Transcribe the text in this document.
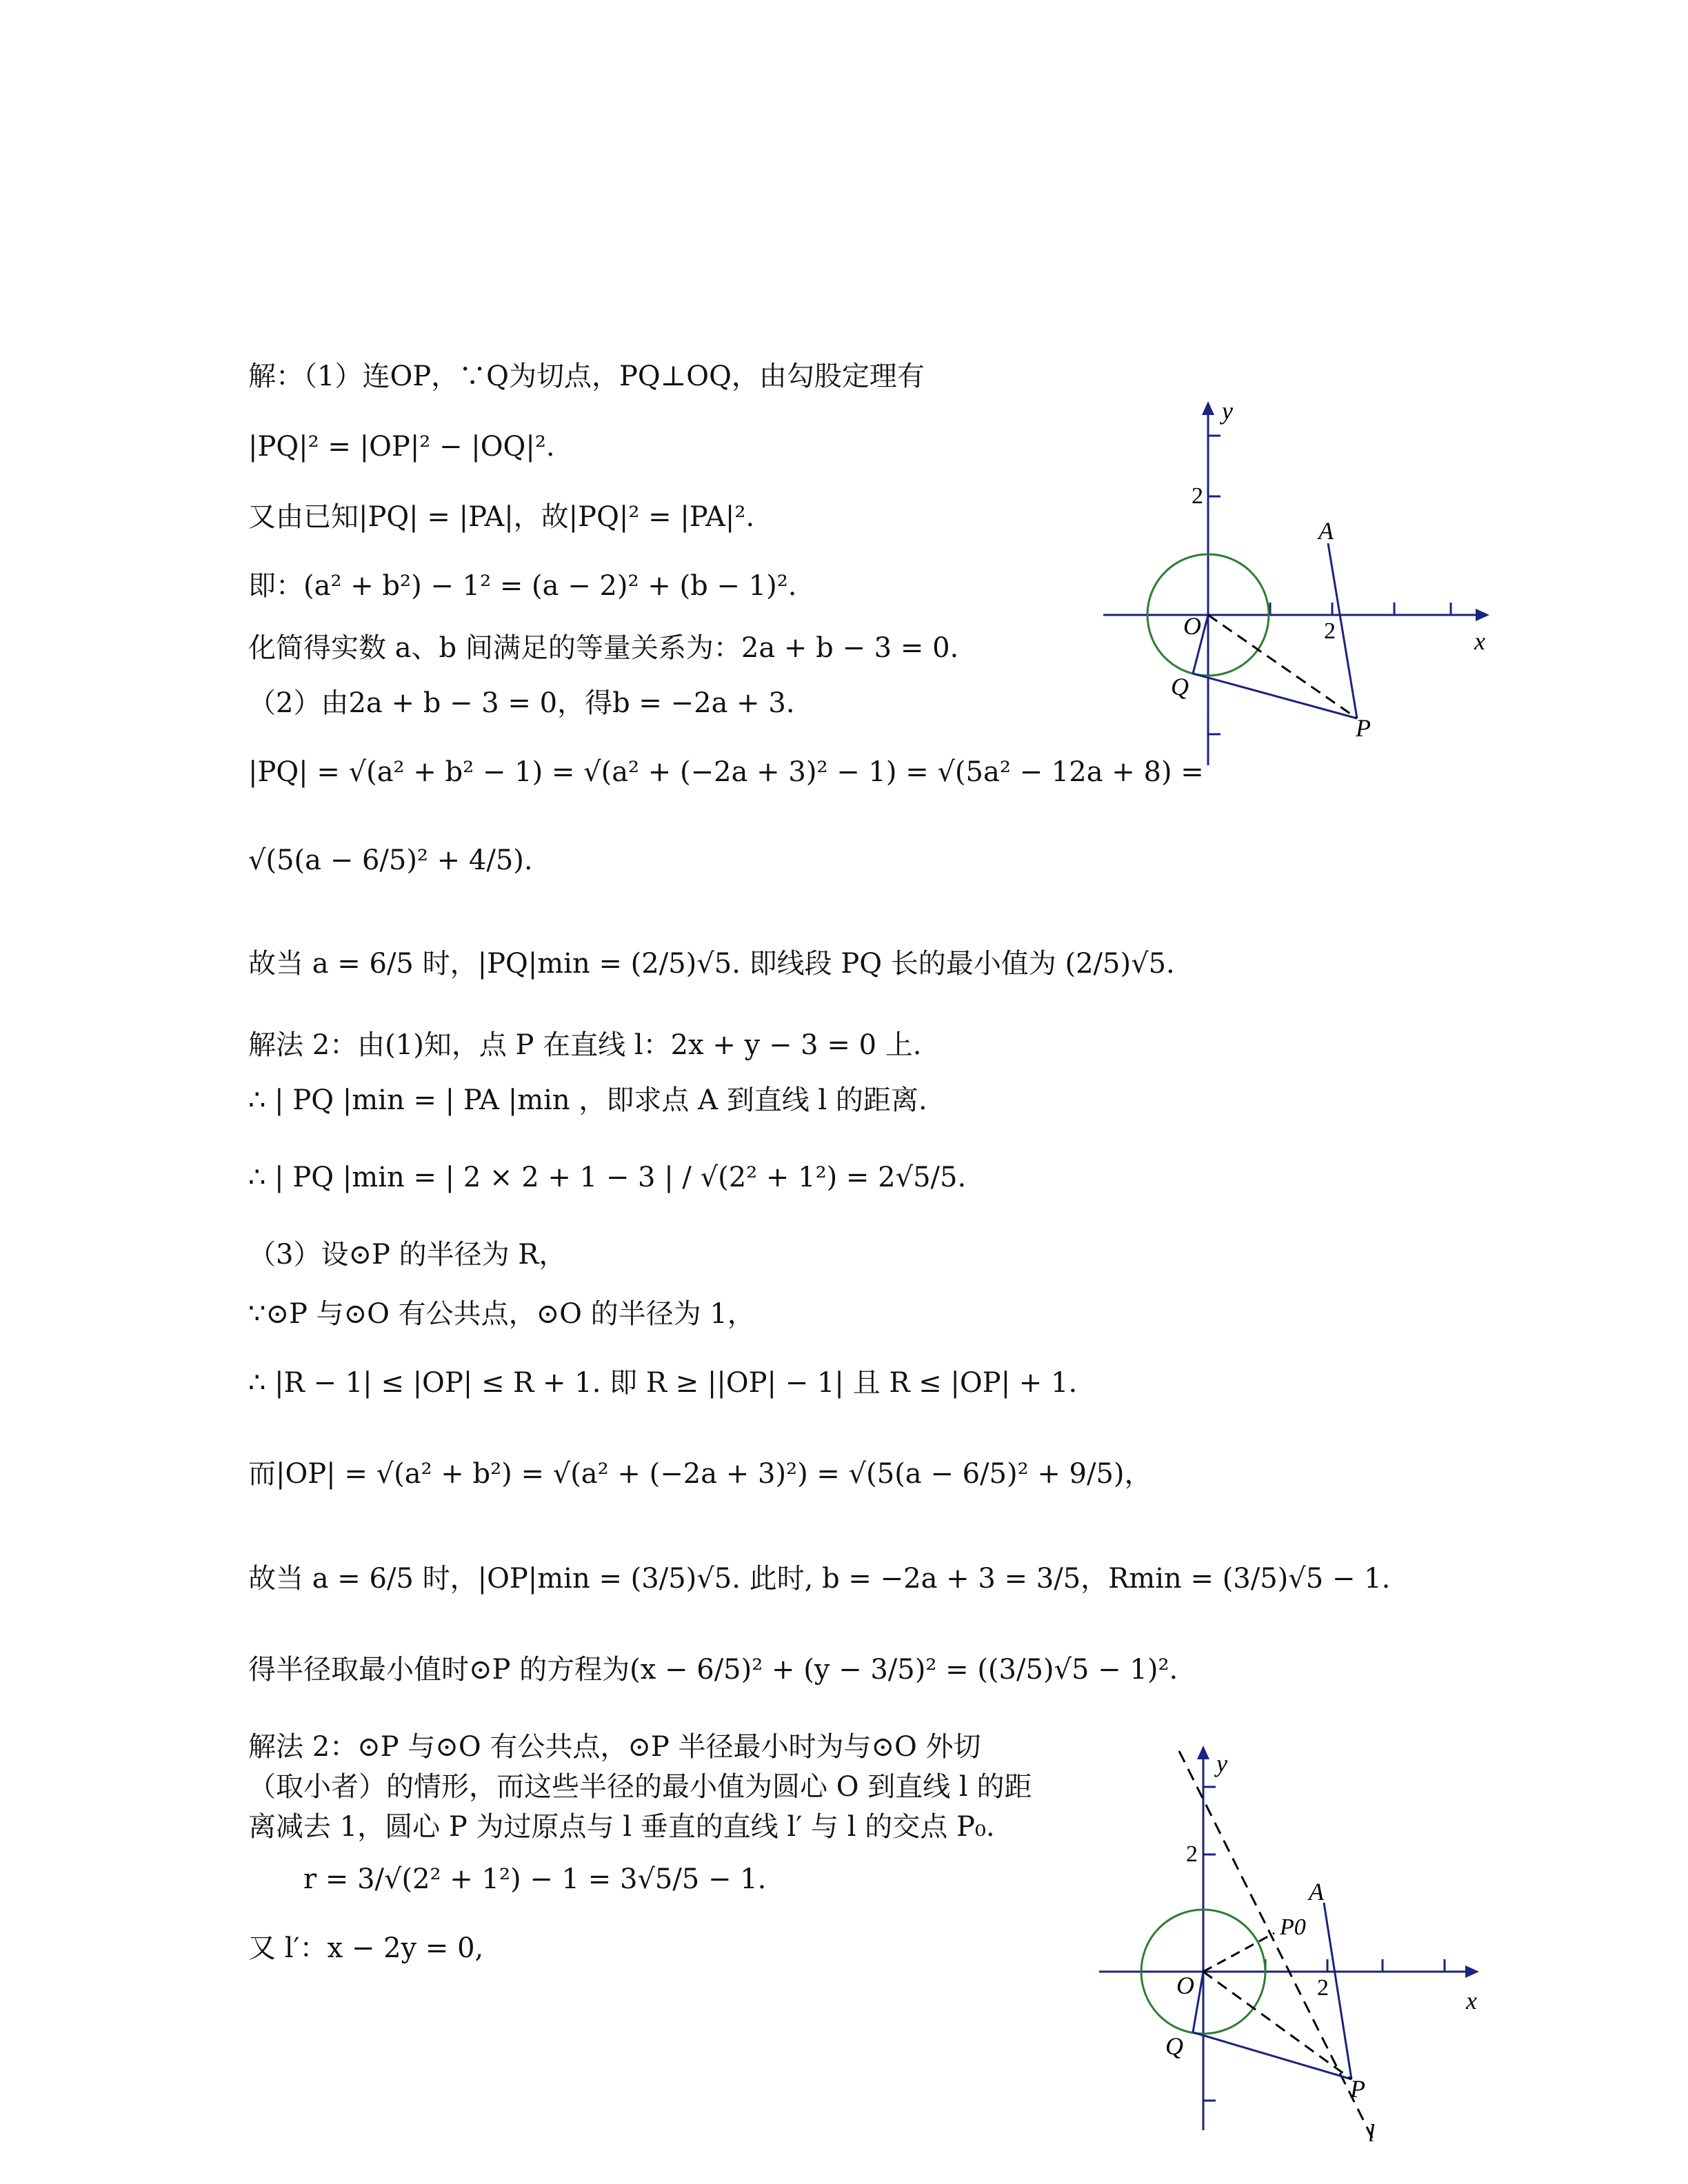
解：（1）连OP，∵Q为切点，PQ⊥OQ，由勾股定理有
|PQ|² = |OP|² − |OQ|².
又由已知|PQ| = |PA|，故|PQ|² = |PA|².
即：(a² + b²) − 1² = (a − 2)² + (b − 1)².
化简得实数 a、b 间满足的等量关系为：2a + b − 3 = 0.
（2）由2a + b − 3 = 0，得b = −2a + 3.
|PQ| = √(a² + b² − 1) = √(a² + (−2a + 3)² − 1) = √(5a² − 12a + 8) =
√(5(a − 6/5)² + 4/5).
故当 a = 6/5 时，|PQ|min = (2/5)√5. 即线段 PQ 长的最小值为 (2/5)√5.
解法 2：由(1)知，点 P 在直线 l：2x + y − 3 = 0 上.
∴ | PQ |min = | PA |min ，即求点 A 到直线 l 的距离.
∴ | PQ |min = | 2 × 2 + 1 − 3 | / √(2² + 1²) = 2√5/5.
（3）设⊙P 的半径为 R，
∵⊙P 与⊙O 有公共点，⊙O 的半径为 1，
∴ |R − 1| ≤ |OP| ≤ R + 1. 即 R ≥ ||OP| − 1| 且 R ≤ |OP| + 1.
而|OP| = √(a² + b²) = √(a² + (−2a + 3)²) = √(5(a − 6/5)² + 9/5)，
故当 a = 6/5 时，|OP|min = (3/5)√5. 此时, b = −2a + 3 = 3/5，Rmin = (3/5)√5 − 1.
得半径取最小值时⊙P 的方程为(x − 6/5)² + (y − 3/5)² = ((3/5)√5 − 1)².
解法 2：⊙P 与⊙O 有公共点，⊙P 半径最小时为与⊙O 外切
（取小者）的情形，而这些半径的最小值为圆心 O 到直线 l 的距
离减去 1，圆心 P 为过原点与 l 垂直的直线 l′ 与 l 的交点 P₀.
r = 3/√(2² + 1²) − 1 = 3√5/5 − 1.
又 l′：x − 2y = 0,
y
2
A
O	2	x
Q
P
y
2
A
P0
O	2	x
Q
P
l
